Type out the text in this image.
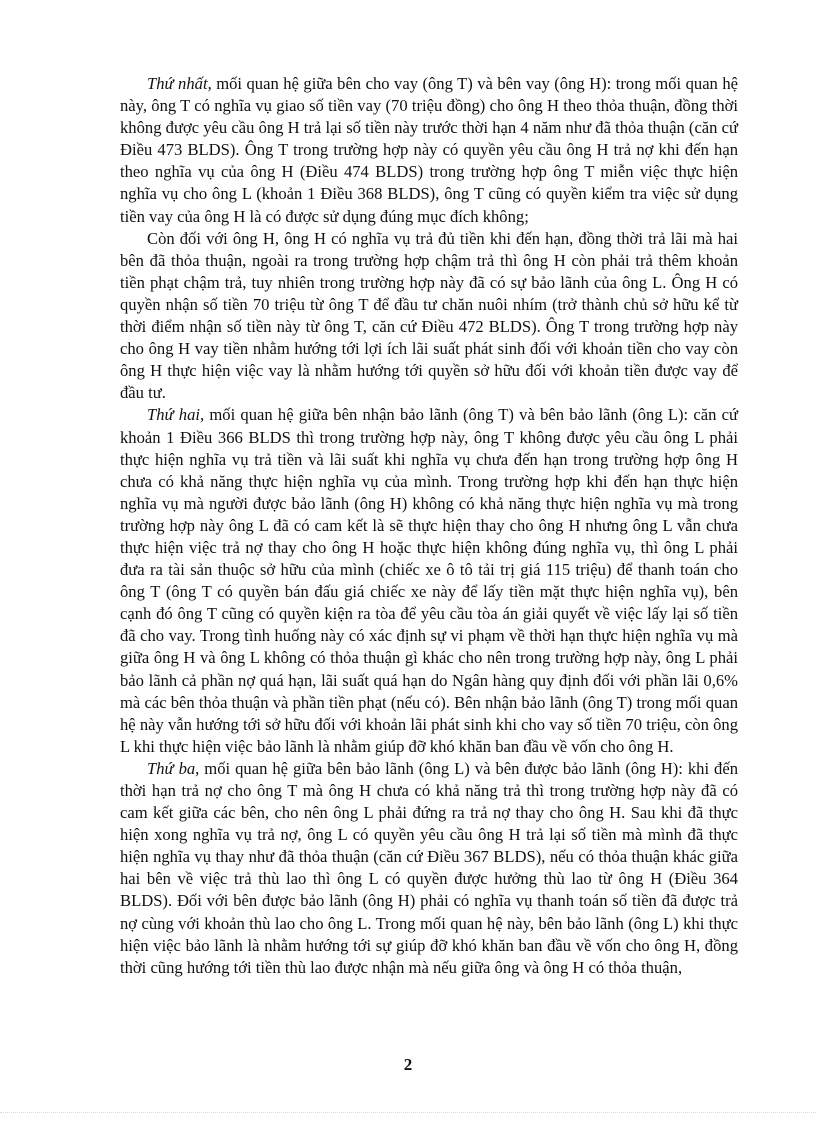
Thứ nhất, mối quan hệ giữa bên cho vay (ông T) và bên vay (ông H): trong mối quan hệ này, ông T có nghĩa vụ giao số tiền vay (70 triệu đồng) cho ông H theo thỏa thuận, đồng thời không được yêu cầu ông H trả lại số tiền này trước thời hạn 4 năm như đã thỏa thuận (căn cứ Điều 473 BLDS). Ông T trong trường hợp này có quyền yêu cầu ông H trả nợ khi đến hạn theo nghĩa vụ của ông H (Điều 474 BLDS) trong trường hợp ông T miễn việc thực hiện nghĩa vụ cho ông L (khoản 1 Điều 368 BLDS), ông T cũng có quyền kiểm tra việc sử dụng tiền vay của ông H là có được sử dụng đúng mục đích không;

Còn đối với ông H, ông H có nghĩa vụ trả đủ tiền khi đến hạn, đồng thời trả lãi mà hai bên đã thỏa thuận, ngoài ra trong trường hợp chậm trả thì ông H còn phải trả thêm khoản tiền phạt chậm trả, tuy nhiên trong trường hợp này đã có sự bảo lãnh của ông L. Ông H có quyền nhận số tiền 70 triệu từ ông T để đầu tư chăn nuôi nhím (trở thành chủ sở hữu kể từ thời điểm nhận số tiền này từ ông T, căn cứ Điều 472 BLDS). Ông T trong trường hợp này cho ông H vay tiền nhằm hướng tới lợi ích lãi suất phát sinh đối với khoản tiền cho vay còn ông H thực hiện việc vay là nhằm hướng tới quyền sở hữu đối với khoản tiền được vay để đầu tư.

Thứ hai, mối quan hệ giữa bên nhận bảo lãnh (ông T) và bên bảo lãnh (ông L): căn cứ khoản 1 Điều 366 BLDS thì trong trường hợp này, ông T không được yêu cầu ông L phải thực hiện nghĩa vụ trả tiền và lãi suất khi nghĩa vụ chưa đến hạn trong trường hợp ông H chưa có khả năng thực hiện nghĩa vụ của mình. Trong trường hợp khi đến hạn thực hiện nghĩa vụ mà người được bảo lãnh (ông H) không có khả năng thực hiện nghĩa vụ mà trong trường hợp này ông L đã có cam kết là sẽ thực hiện thay cho ông H nhưng ông L vẫn chưa thực hiện việc trả nợ thay cho ông H hoặc thực hiện không đúng nghĩa vụ, thì ông L phải đưa ra tài sản thuộc sở hữu của mình (chiếc xe ô tô tải trị giá 115 triệu) để thanh toán cho ông T (ông T có quyền bán đấu giá chiếc xe này để lấy tiền mặt thực hiện nghĩa vụ), bên cạnh đó ông T cũng có quyền kiện ra tòa để yêu cầu tòa án giải quyết về việc lấy lại số tiền đã cho vay. Trong tình huống này có xác định sự vi phạm về thời hạn thực hiện nghĩa vụ mà giữa ông H và ông L không có thỏa thuận gì khác cho nên trong trường hợp này, ông L phải bảo lãnh cả phần nợ quá hạn, lãi suất quá hạn do Ngân hàng quy định đối với phần lãi 0,6% mà các bên thỏa thuận và phần tiền phạt (nếu có). Bên nhận bảo lãnh (ông T) trong mối quan hệ này vẫn hướng tới sở hữu đối với khoản lãi phát sinh khi cho vay số tiền 70 triệu, còn ông L khi thực hiện việc bảo lãnh là nhằm giúp đỡ khó khăn ban đầu về vốn cho ông H.

Thứ ba, mối quan hệ giữa bên bảo lãnh (ông L) và bên được bảo lãnh (ông H): khi đến thời hạn trả nợ cho ông T mà ông H chưa có khả năng trả thì trong trường hợp này đã có cam kết giữa các bên, cho nên ông L phải đứng ra trả nợ thay cho ông H. Sau khi đã thực hiện xong nghĩa vụ trả nợ, ông L có quyền yêu cầu ông H trả lại số tiền mà mình đã thực hiện nghĩa vụ thay như đã thỏa thuận (căn cứ Điều 367 BLDS), nếu có thỏa thuận khác giữa hai bên về việc trả thù lao thì ông L có quyền được hưởng thù lao từ ông H (Điều 364 BLDS). Đối với bên được bảo lãnh (ông H) phải có nghĩa vụ thanh toán số tiền đã được trả nợ cùng với khoản thù lao cho ông L. Trong mối quan hệ này, bên bảo lãnh (ông L) khi thực hiện việc bảo lãnh là nhằm hướng tới sự giúp đỡ khó khăn ban đầu về vốn cho ông H, đồng thời cũng hướng tới tiền thù lao được nhận mà nếu giữa ông và ông H có thỏa thuận,

2
